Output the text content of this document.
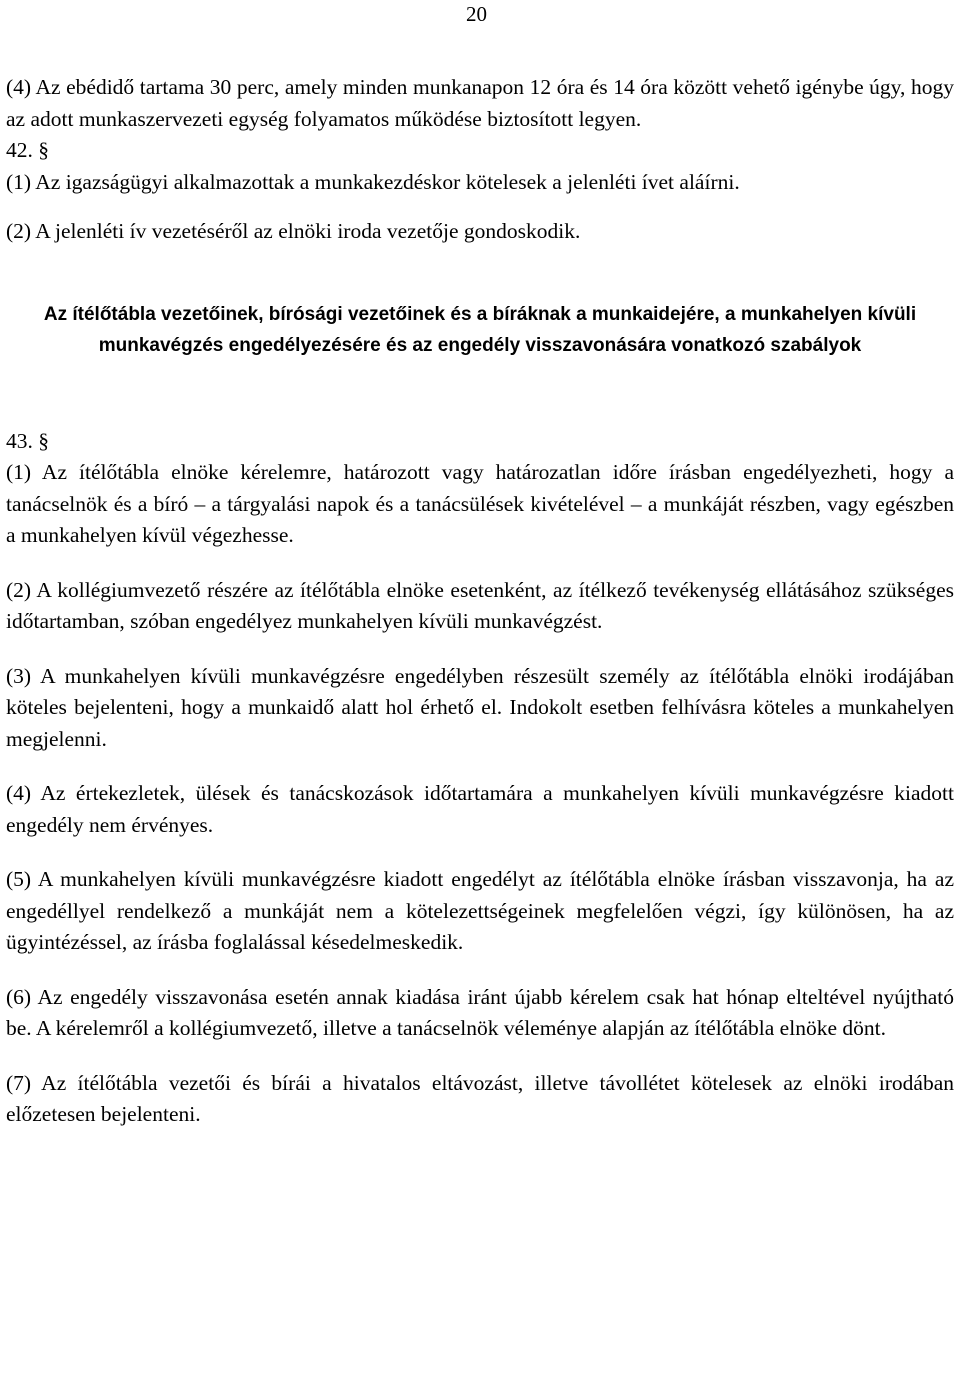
20

(4) Az ebédidő tartama 30 perc, amely minden munkanapon 12 óra és 14 óra között vehető igénybe úgy, hogy az adott munkaszervezeti egység folyamatos működése biztosított legyen.

42. §

(1) Az igazságügyi alkalmazottak a munkakezdéskor kötelesek a jelenléti ívet aláírni.

(2) A jelenléti ív vezetéséről az elnöki iroda vezetője gondoskodik.

Az ítélőtábla vezetőinek, bírósági vezetőinek és a bíráknak a munkaidejére, a munkahelyen kívüli munkavégzés engedélyezésére és az engedély visszavonására vonatkozó szabályok

43. §

(1) Az ítélőtábla elnöke kérelemre, határozott vagy határozatlan időre írásban engedélyezheti, hogy a tanácselnök és a bíró – a tárgyalási napok és a tanácsülések kivételével – a munkáját részben, vagy egészben a munkahelyen kívül végezhesse.

(2) A kollégiumvezető részére az ítélőtábla elnöke esetenként, az ítélkező tevékenység ellátásához szükséges időtartamban, szóban engedélyez munkahelyen kívüli munkavégzést.

(3) A munkahelyen kívüli munkavégzésre engedélyben részesült személy az ítélőtábla elnöki irodájában köteles bejelenteni, hogy a munkaidő alatt hol érhető el. Indokolt esetben felhívásra köteles a munkahelyen megjelenni.

(4) Az értekezletek, ülések és tanácskozások időtartamára a munkahelyen kívüli munkavégzésre kiadott engedély nem érvényes.

(5) A munkahelyen kívüli munkavégzésre kiadott engedélyt az ítélőtábla elnöke írásban visszavonja, ha az engedéllyel rendelkező a munkáját nem a kötelezettségeinek megfelelően végzi, így különösen, ha az ügyintézéssel, az írásba foglalással késedelmeskedik.

(6) Az engedély visszavonása esetén annak kiadása iránt újabb kérelem csak hat hónap elteltével nyújtható be. A kérelemről a kollégiumvezető, illetve a tanácselnök véleménye alapján az ítélőtábla elnöke dönt.

(7) Az ítélőtábla vezetői és bírái a hivatalos eltávozást, illetve távollétet kötelesek az elnöki irodában előzetesen bejelenteni.
